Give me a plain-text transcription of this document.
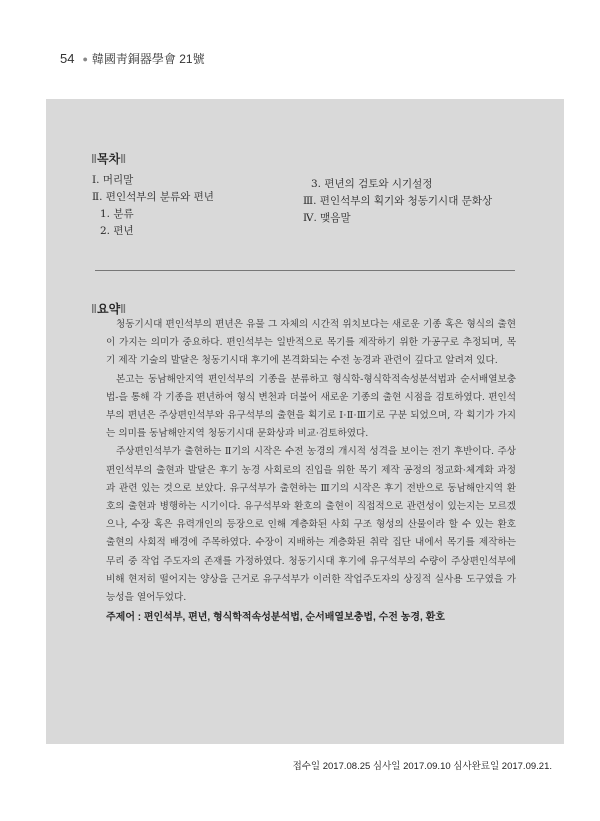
54 ● 韓國靑銅器學會 21號
‖목차‖
Ⅰ. 머리말
Ⅱ. 편인석부의 분류와 편년
1. 분류
2. 편년
3. 편년의 검토와 시기설정
Ⅲ. 편인석부의 획기와 청동기시대 문화상
Ⅳ. 맺음말
‖요약‖

청동기시대 편인석부의 편년은 유물 그 자체의 시간적 위치보다는 새로운 기종 혹은 형식의 출현이 가지는 의미가 중요하다. 편인석부는 일반적으로 목기를 제작하기 위한 가공구로 추정되며, 목기 제작 기술의 발달은 청동기시대 후기에 본격화되는 수전 농경과 관련이 깊다고 알려져 있다.

본고는 동남해안지역 편인석부의 기종을 분류하고 형식학-형식학적속성분석법과 순서배열보충법-을 통해 각 기종을 편년하여 형식 변천과 더불어 새로운 기종의 출현 시점을 검토하였다. 편인석부의 편년은 주상편인석부와 유구석부의 출현을 획기로 Ⅰ·Ⅱ·Ⅲ기로 구분 되었으며, 각 획기가 가지는 의미를 동남해안지역 청동기시대 문화상과 비교·검토하였다.

주상편인석부가 출현하는 Ⅱ기의 시작은 수전 농경의 개시적 성격을 보이는 전기 후반이다. 주상편인석부의 출현과 발달은 후기 농경 사회로의 진입을 위한 목기 제작 공정의 정교화·체계화 과정과 관련 있는 것으로 보았다. 유구석부가 출현하는 Ⅲ기의 시작은 후기 전반으로 동남해안지역 환호의 출현과 병행하는 시기이다. 유구석부와 환호의 출현이 직접적으로 관련성이 있는지는 모르겠으나, 수장 혹은 유력개인의 등장으로 인해 계층화된 사회 구조 형성의 산물이라 할 수 있는 환호 출현의 사회적 배경에 주목하였다. 수장이 지배하는 계층화된 취락 집단 내에서 목기를 제작하는 무리 중 작업 주도자의 존재를 가정하였다. 청동기시대 후기에 유구석부의 수량이 주상편인석부에 비해 현저히 떨어지는 양상을 근거로 유구석부가 이러한 작업주도자의 상징적 실사용 도구였을 가능성을 열어두었다.

주제어 : 편인석부, 편년, 형식학적속성분석법, 순서배열보충법, 수전 농경, 환호
접수일 2017.08.25 심사일 2017.09.10 심사완료일 2017.09.21.
